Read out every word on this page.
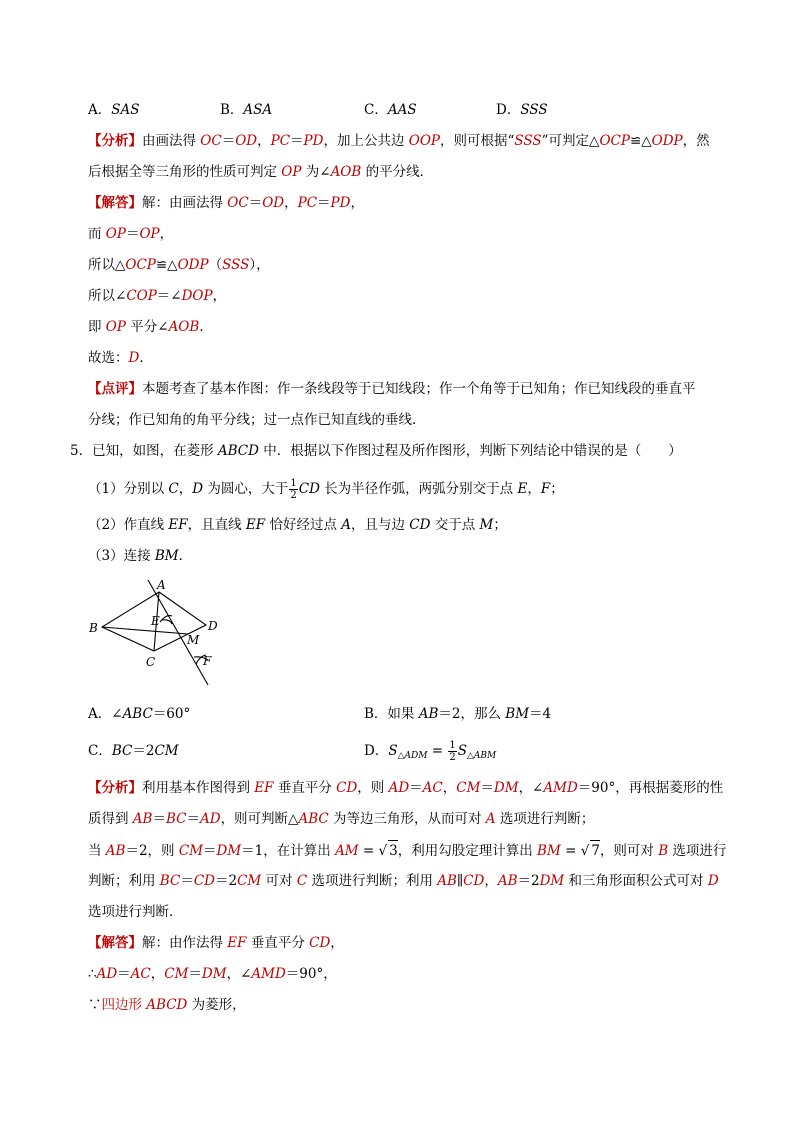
A．SAS	B．ASA	C．AAS	D．SSS
【分析】由画法得 OC＝OD，PC＝PD，加上公共边 OOP，则可根据“SSS”可判定△OCP≌△ODP，然
后根据全等三角形的性质可判定 OP 为∠AOB 的平分线．
【解答】解：由画法得 OC＝OD，PC＝PD，
而 OP＝OP，
所以△OCP≌△ODP（SSS），
所以∠COP＝∠DOP，
即 OP 平分∠AOB．
故选：D．
【点评】本题考查了基本作图：作一条线段等于已知线段；作一个角等于已知角；作已知线段的垂直平
分线；作已知角的角平分线；过一点作已知直线的垂线．
5．已知，如图，在菱形 ABCD 中．根据以下作图过程及所作图形，判断下列结论中错误的是（　　）
（1）分别以 C，D 为圆心，大于 $\frac{1}{2}$ CD 长为半径作弧，两弧分别交于点 E，F；
（2）作直线 EF，且直线 EF 恰好经过点 A，且与边 CD 交于点 M；
（3）连接 BM．
A
B
C
D
E
M
F
A．∠ABC＝60°	B．如果 AB＝2，那么 BM＝4
C．BC＝2CM	D．$S_{\triangle ADM} = \frac{1}{2} S_{\triangle ABM}$
【分析】利用基本作图得到 EF 垂直平分 CD，则 AD＝AC，CM＝DM，∠AMD＝90°，再根据菱形的性
质得到 AB＝BC＝AD，则可判断△ABC 为等边三角形，从而可对 A 选项进行判断；
当 AB＝2，则 CM＝DM＝1，在计算出 AM = √ 3，利用勾股定理计算出 BM = √ 7，则可对 B 选项进行
判断；利用 BC＝CD＝2CM 可对 C 选项进行判断；利用 AB∥CD，AB＝2DM 和三角形面积公式可对 D
选项进行判断．
【解答】解：由作法得 EF 垂直平分 CD，
∴AD＝AC，CM＝DM，∠AMD＝90°，
∵四边形 ABCD 为菱形，
